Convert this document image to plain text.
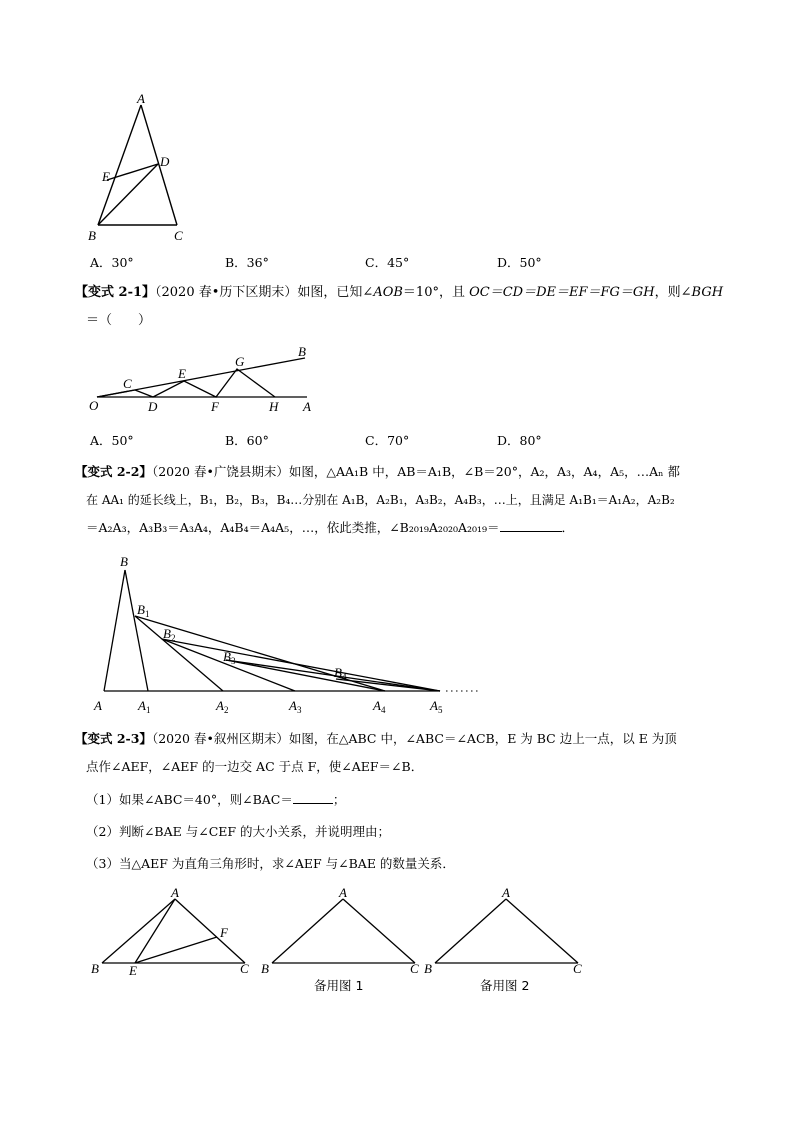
A
B	C
D
E
A．30°	B．36°	C．45°	D．50°
【变式 2-1】（2020 春•历下区期末）如图，已知∠AOB＝10°，且 OC＝CD＝DE＝EF＝FG＝GH，则∠BGH
＝（　　）
O
C
D
E
F
G
H A
B
A．50°	B．60°	C．70°	D．80°
【变式 2-2】（2020 春•广饶县期末）如图，△AA₁B 中，AB＝A₁B，∠B＝20°，A₂，A₃，A₄，A₅，…Aₙ 都
在 AA₁ 的延长线上，B₁，B₂，B₃，B₄…分别在 A₁B，A₂B₁，A₃B₂，A₄B₃，…上，且满足 A₁B₁＝A₁A₂，A₂B₂
＝A₂A₃，A₃B₃＝A₃A₄，A₄B₄＝A₄A₅，…，依此类推，∠B₂₀₁₉A₂₀₂₀A₂₀₁₉＝	．
B
$B_1$
$B_2$
$B_3$
$B_4$
A	$A_1$	$A_2$	$A_3$	$A_4$	$A_5$
【变式 2-3】（2020 春•叙州区期末）如图，在△ABC 中，∠ABC＝∠ACB，E 为 BC 边上一点，以 E 为顶
点作∠AEF，∠AEF 的一边交 AC 于点 F，使∠AEF＝∠B．
（1）如果∠ABC＝40°，则∠BAC＝	；
（2）判断∠BAE 与∠CEF 的大小关系，并说明理由；
（3）当△AEF 为直角三角形时，求∠AEF 与∠BAE 的数量关系．
A
B	C
E
F
A
B	C
备用图 1
A
B	C
备用图 2
